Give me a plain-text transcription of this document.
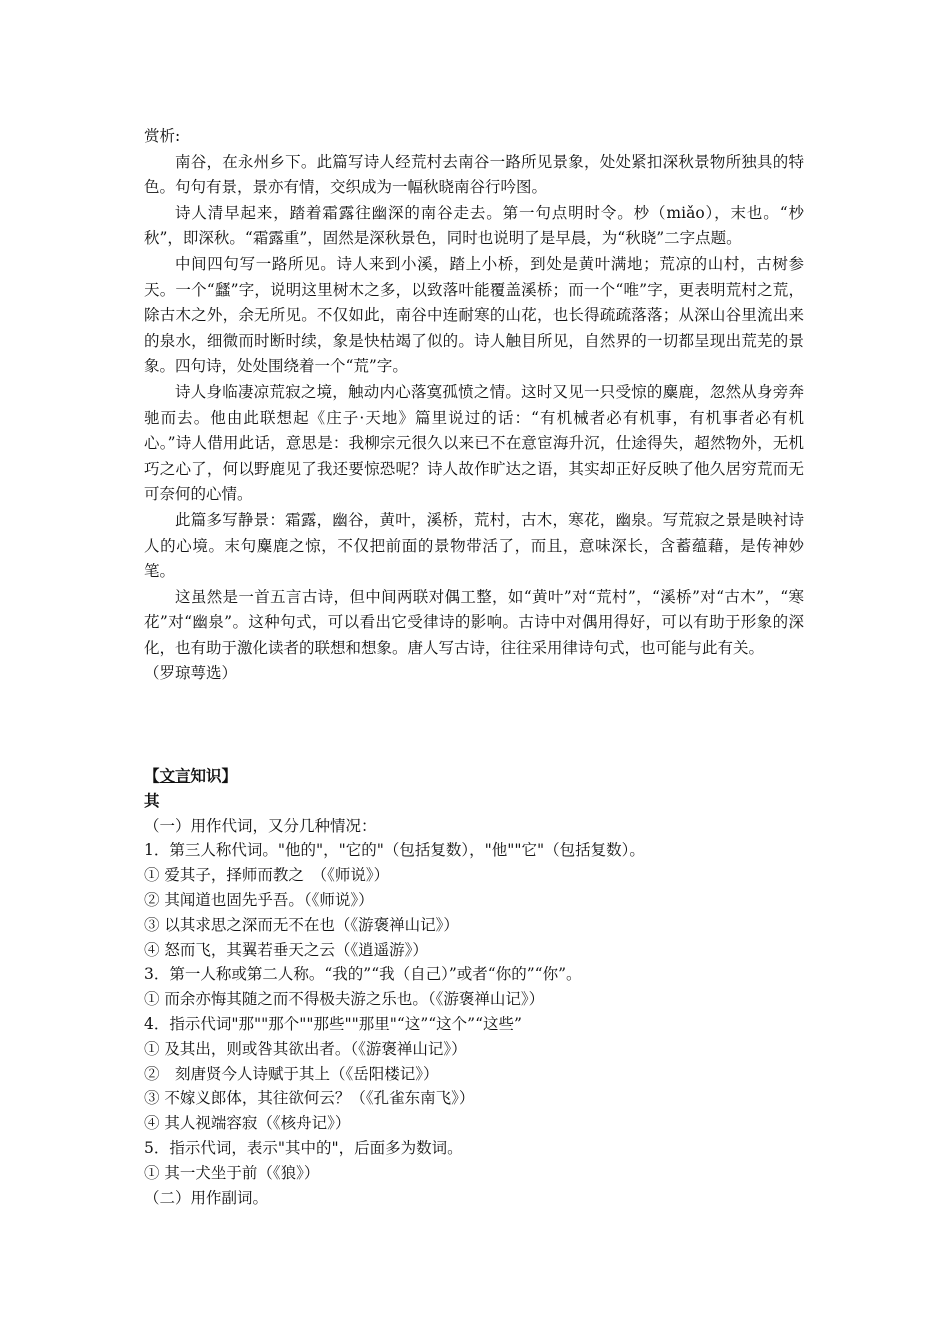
赏析:

南谷，在永州乡下。此篇写诗人经荒村去南谷一路所见景象，处处紧扣深秋景物所独具的特色。句句有景，景亦有情，交织成为一幅秋晓南谷行吟图。

诗人清早起来，踏着霜露往幽深的南谷走去。第一句点明时令。杪（miǎo），末也。“杪秋”，即深秋。“霜露重”，固然是深秋景色，同时也说明了是早晨，为“秋晓”二字点题。

中间四句写一路所见。诗人来到小溪，踏上小桥，到处是黄叶满地；荒凉的山村，古树参天。一个“瓥”字，说明这里树木之多，以致落叶能覆盖溪桥；而一个“唯”字，更表明荒村之荒，除古木之外，余无所见。不仅如此，南谷中连耐寒的山花，也长得疏疏落落；从深山谷里流出来的泉水，细微而时断时续，象是快枯竭了似的。诗人触目所见，自然界的一切都呈现出荒芜的景象。四句诗，处处围绕着一个“荒”字。

诗人身临凄凉荒寂之境，触动内心落寞孤愤之情。这时又见一只受惊的麋鹿，忽然从身旁奔驰而去。他由此联想起《庄子·天地》篇里说过的话：“有机械者必有机事，有机事者必有机心。”诗人借用此话，意思是：我柳宗元很久以来已不在意宦海升沉，仕途得失，超然物外，无机巧之心了，何以野鹿见了我还要惊恐呢？诗人故作旷达之语，其实却正好反映了他久居穷荒而无可奈何的心情。

此篇多写静景：霜露，幽谷，黄叶，溪桥，荒村，古木，寒花，幽泉。写荒寂之景是映衬诗人的心境。末句麋鹿之惊，不仅把前面的景物带活了，而且，意味深长，含蓄蕴藉，是传神妙笔。

这虽然是一首五言古诗，但中间两联对偶工整，如“黄叶”对“荒村”，“溪桥”对“古木”，“寒花”对“幽泉”。这种句式，可以看出它受律诗的影响。古诗中对偶用得好，可以有助于形象的深化，也有助于激化读者的联想和想象。唐人写古诗，往往采用律诗句式，也可能与此有关。

（罗琼萼选）

【文言知识】

其

（一）用作代词，又分几种情况：

1．第三人称代词。"他的"，"它的"（包括复数），"他""它"（包括复数）。

① 爱其子，择师而教之　（《师说》）

② 其闻道也固先乎吾。（《师说》）

③ 以其求思之深而无不在也（《游褒禅山记》）

④ 怒而飞，其翼若垂天之云（《逍遥游》）

3．第一人称或第二人称。“我的”“我（自己）”或者“你的”“你”。

① 而余亦悔其随之而不得极夫游之乐也。（《游褒禅山记》）

4．指示代词"那""那个""那些""那里"“这”“这个”“这些”

① 及其出，则或咎其欲出者。（《游褒禅山记》）

②　刻唐贤今人诗赋于其上（《岳阳楼记》）

③ 不嫁义郎体，其往欲何云？（《孔雀东南飞》）

④ 其人视端容寂（《核舟记》）

5．指示代词，表示"其中的"，后面多为数词。

① 其一犬坐于前（《狼》）

（二）用作副词。
